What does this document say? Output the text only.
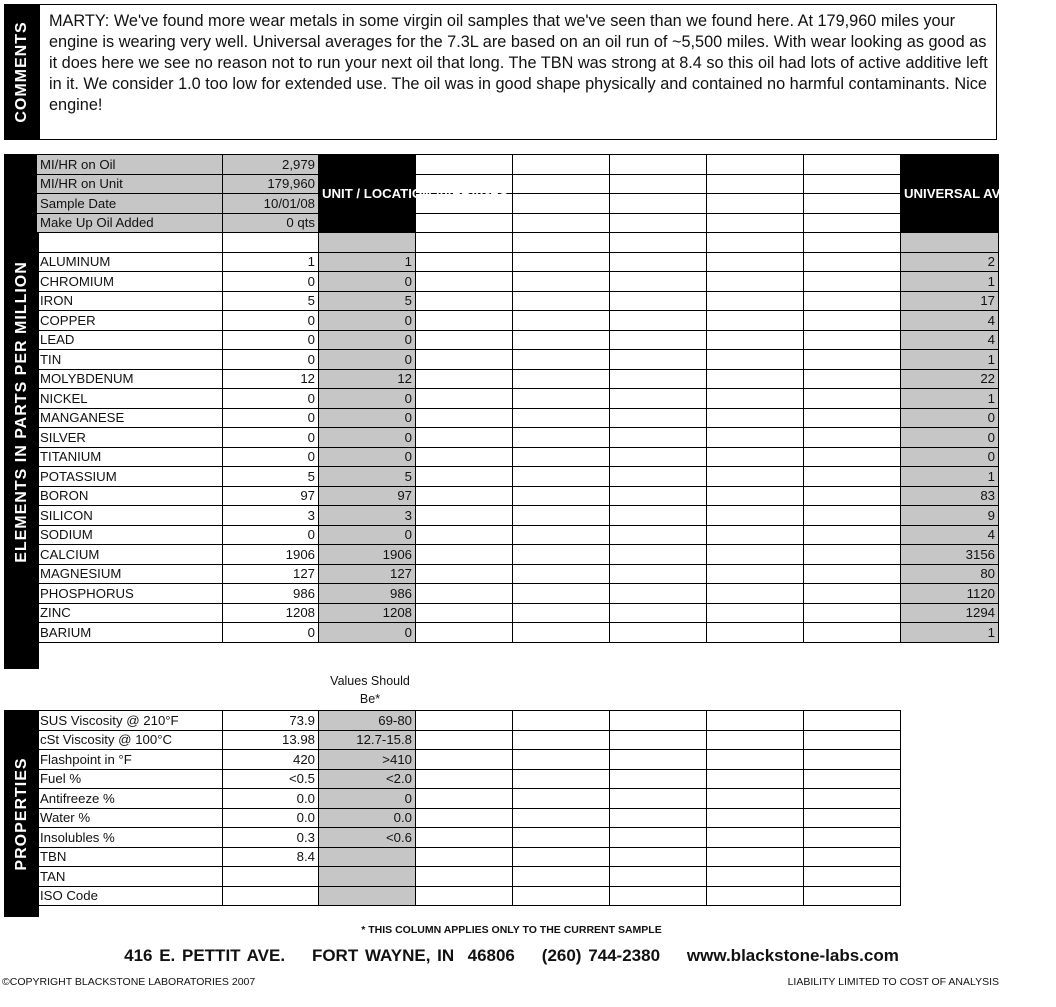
COMMENTS
MARTY: We've found more wear metals in some virgin oil samples that we've seen than we found here. At 179,960 miles your engine is wearing very well. Universal averages for the 7.3L are based on an oil run of ~5,500 miles. With wear looking as good as it does here we see no reason not to run your next oil that long. The TBN was strong at 8.4 so this oil had lots of active additive left in it. We consider 1.0 too low for extended use. The oil was in good shape physically and contained no harmful contaminants. Nice engine!
ELEMENTS IN PARTS PER MILLION
MI/HR on Oil	2,979	UNIT / LOCATION AVERAGES						UNIVERSAL AVERAGES
MI/HR on Unit	179,960							
Sample Date	10/01/08							
Make Up Oil Added	0 qts							

ALUMINUM	1	1						2
CHROMIUM	0	0						1
IRON	5	5						17
COPPER	0	0						4
LEAD	0	0						4
TIN	0	0						1
MOLYBDENUM	12	12						22
NICKEL	0	0						1
MANGANESE	0	0						0
SILVER	0	0						0
TITANIUM	0	0						0
POTASSIUM	5	5						1
BORON	97	97						83
SILICON	3	3						9
SODIUM	0	0						4
CALCIUM	1906	1906						3156
MAGNESIUM	127	127						80
PHOSPHORUS	986	986						1120
ZINC	1208	1208						1294
BARIUM	0	0						1
Values Should Be*
PROPERTIES
SUS Viscosity @ 210°F	73.9	69-80					
cSt Viscosity @ 100°C	13.98	12.7-15.8					
Flashpoint in °F	420	>410					
Fuel %	<0.5	<2.0					
Antifreeze %	0.0	0					
Water %	0.0	0.0					
Insolubles %	0.3	<0.6					
TBN	8.4						
TAN							
ISO Code							
* THIS COLUMN APPLIES ONLY TO THE CURRENT SAMPLE
416 E. PETTIT AVE.    FORT WAYNE, IN  46806    (260) 744-2380    www.blackstone-labs.com
©COPYRIGHT BLACKSTONE LABORATORIES 2007	LIABILITY LIMITED TO COST OF ANALYSIS
